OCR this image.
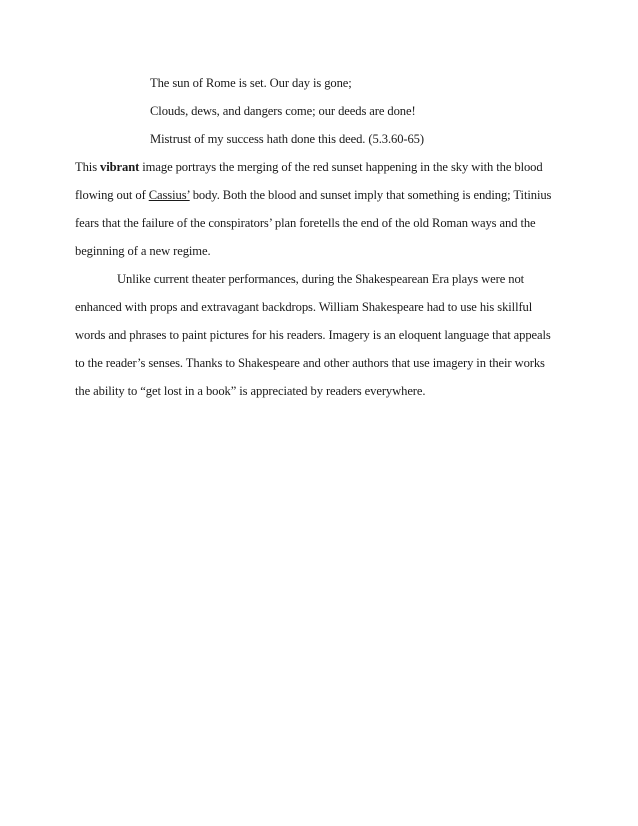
The sun of Rome is set. Our day is gone;
Clouds, dews, and dangers come; our deeds are done!
Mistrust of my success hath done this deed. (5.3.60-65)
This vibrant image portrays the merging of the red sunset happening in the sky with the blood
flowing out of Cassius’ body. Both the blood and sunset imply that something is ending; Titinius
fears that the failure of the conspirators’ plan foretells the end of the old Roman ways and the
beginning of a new regime.
Unlike current theater performances, during the Shakespearean Era plays were not
enhanced with props and extravagant backdrops. William Shakespeare had to use his skillful
words and phrases to paint pictures for his readers. Imagery is an eloquent language that appeals
to the reader’s senses. Thanks to Shakespeare and other authors that use imagery in their works
the ability to “get lost in a book” is appreciated by readers everywhere.
